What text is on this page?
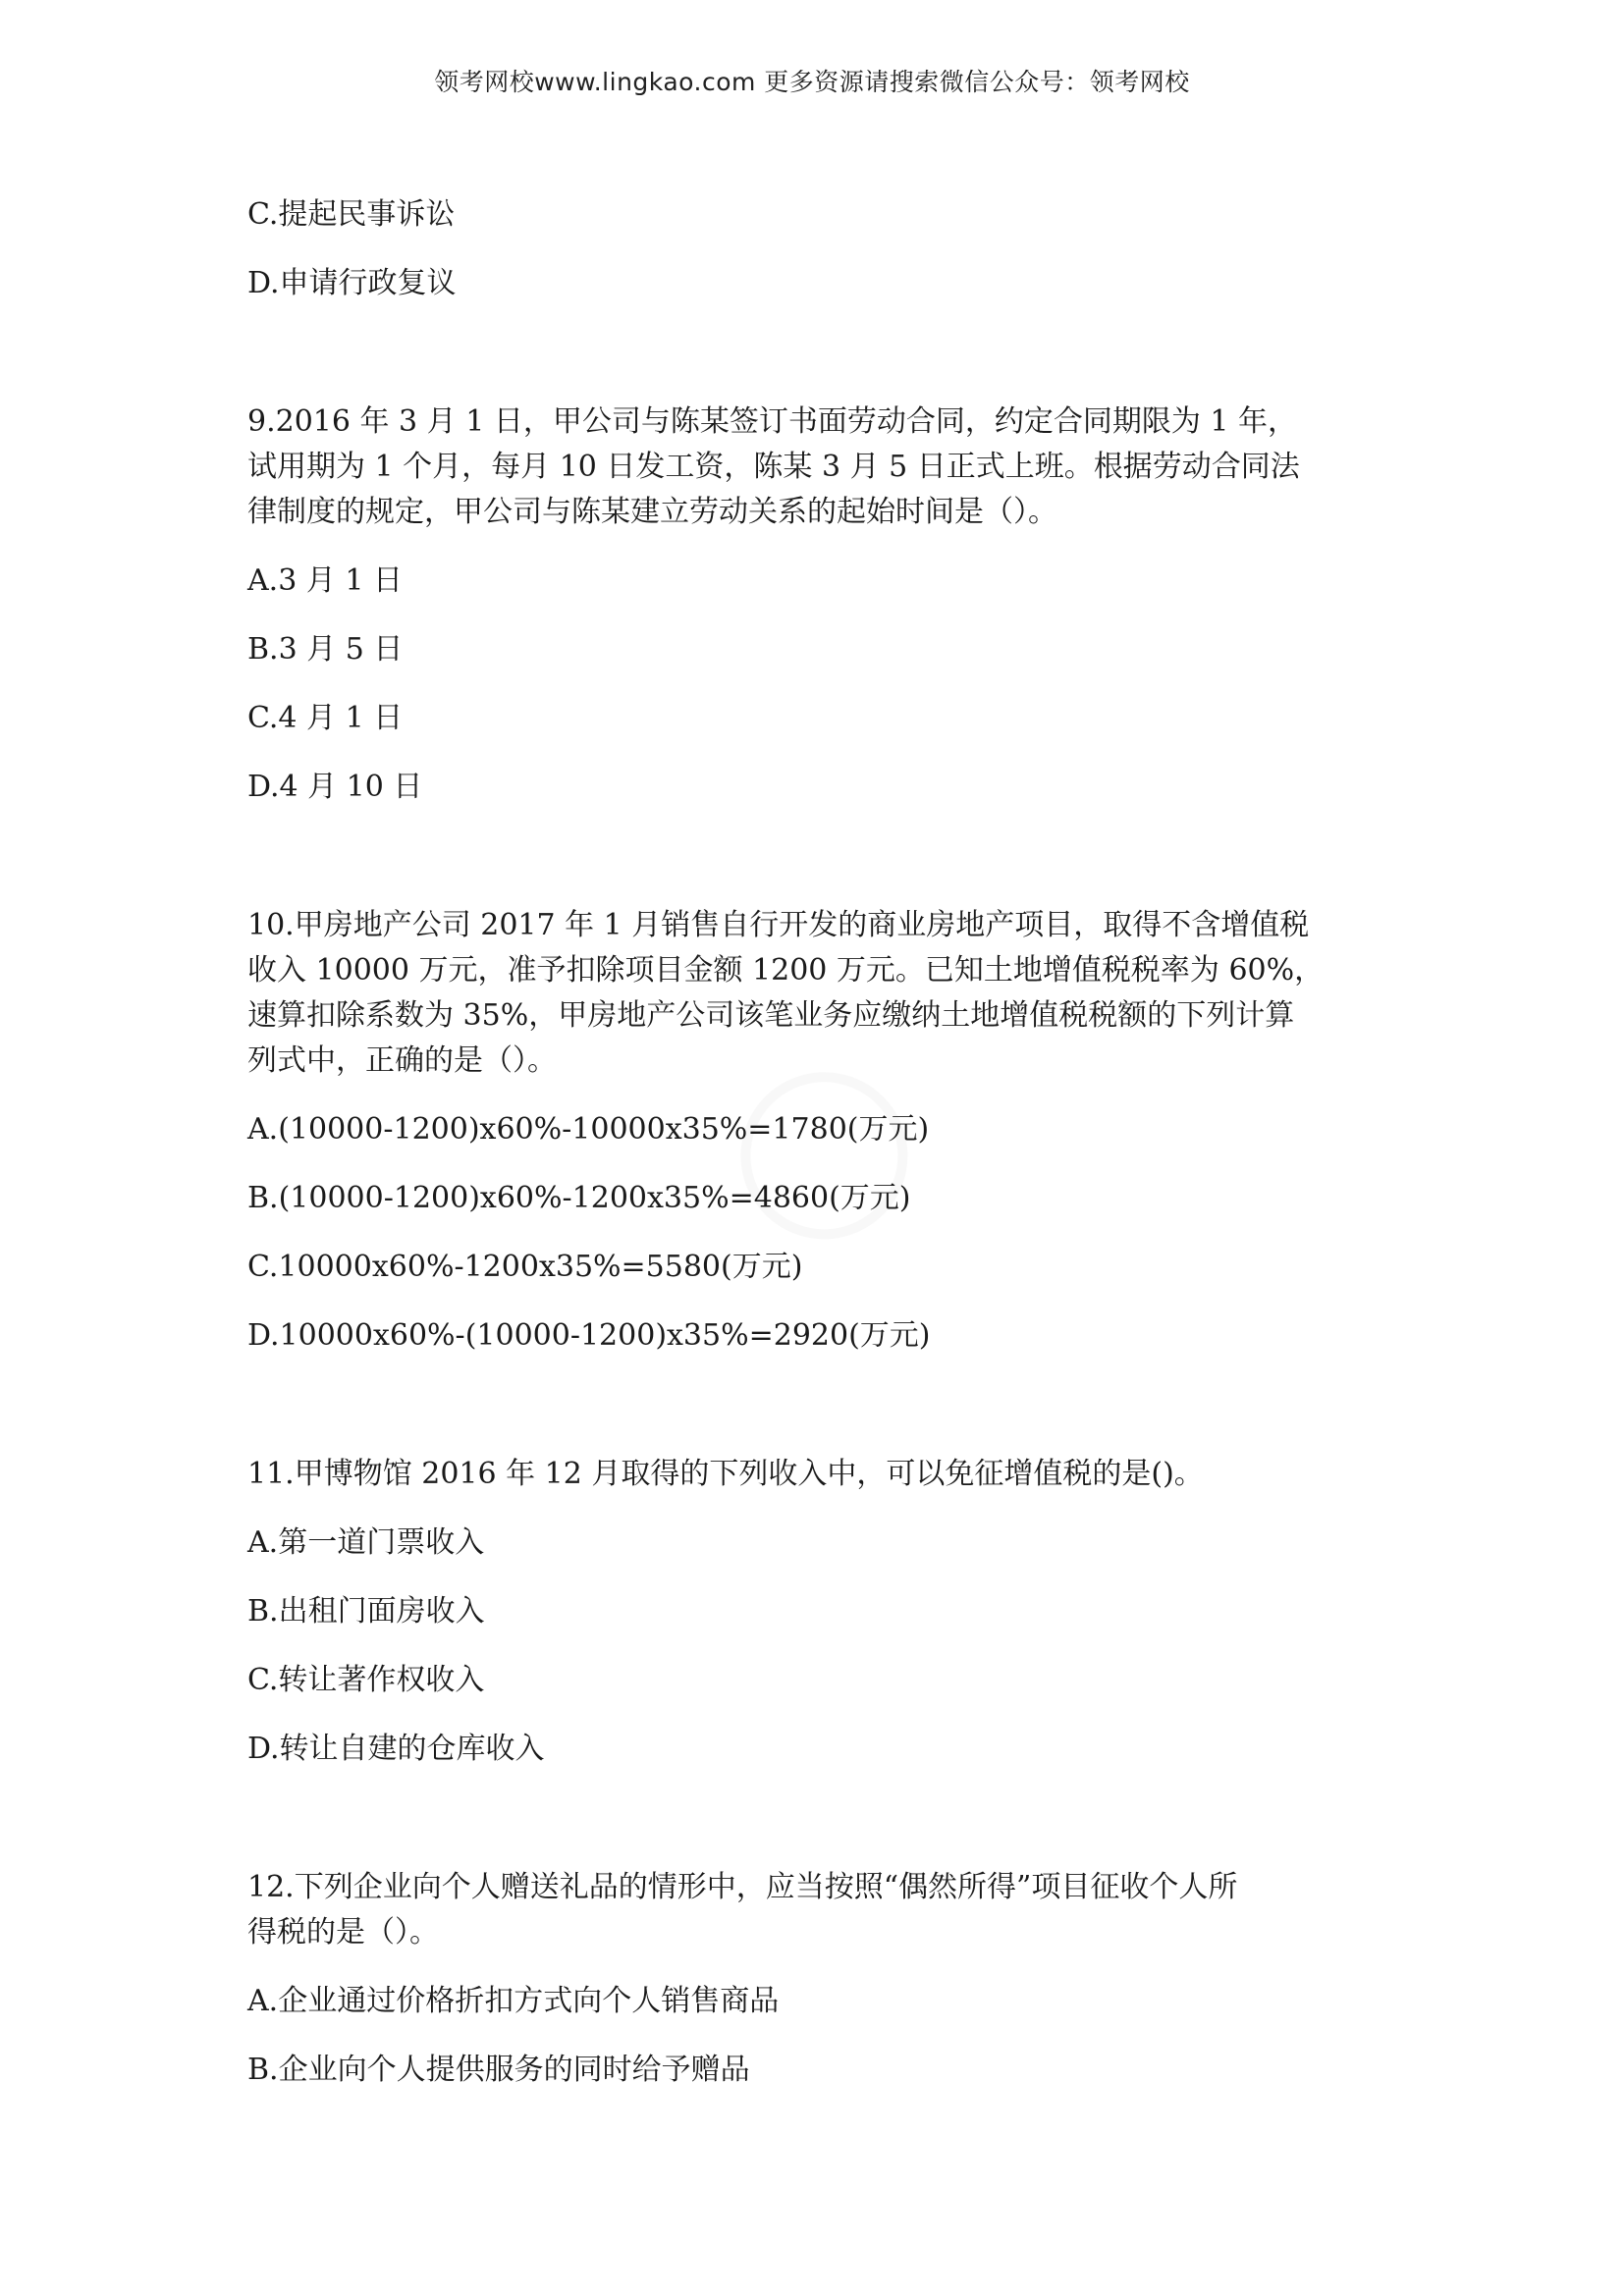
领考网校www.lingkao.com 更多资源请搜索微信公众号：领考网校
C.提起民事诉讼
D.申请行政复议
9.2016 年 3 月 1 日，甲公司与陈某签订书面劳动合同，约定合同期限为 1 年，
试用期为 1 个月，每月 10 日发工资，陈某 3 月 5 日正式上班。根据劳动合同法
律制度的规定，甲公司与陈某建立劳动关系的起始时间是（）。
A.3 月 1 日
B.3 月 5 日
C.4 月 1 日
D.4 月 10 日
10.甲房地产公司 2017 年 1 月销售自行开发的商业房地产项目，取得不含增值税
收入 10000 万元，准予扣除项目金额 1200 万元。已知土地增值税税率为 60%，
速算扣除系数为 35%，甲房地产公司该笔业务应缴纳土地增值税税额的下列计算
列式中，正确的是（）。
A.(10000-1200)x60%-10000x35%=1780(万元)
B.(10000-1200)x60%-1200x35%=4860(万元)
C.10000x60%-1200x35%=5580(万元)
D.10000x60%-(10000-1200)x35%=2920(万元)
11.甲博物馆 2016 年 12 月取得的下列收入中，可以免征增值税的是()。
A.第一道门票收入
B.出租门面房收入
C.转让著作权收入
D.转让自建的仓库收入
12.下列企业向个人赠送礼品的情形中，应当按照“偶然所得”项目征收个人所
得税的是（）。
A.企业通过价格折扣方式向个人销售商品
B.企业向个人提供服务的同时给予赠品
